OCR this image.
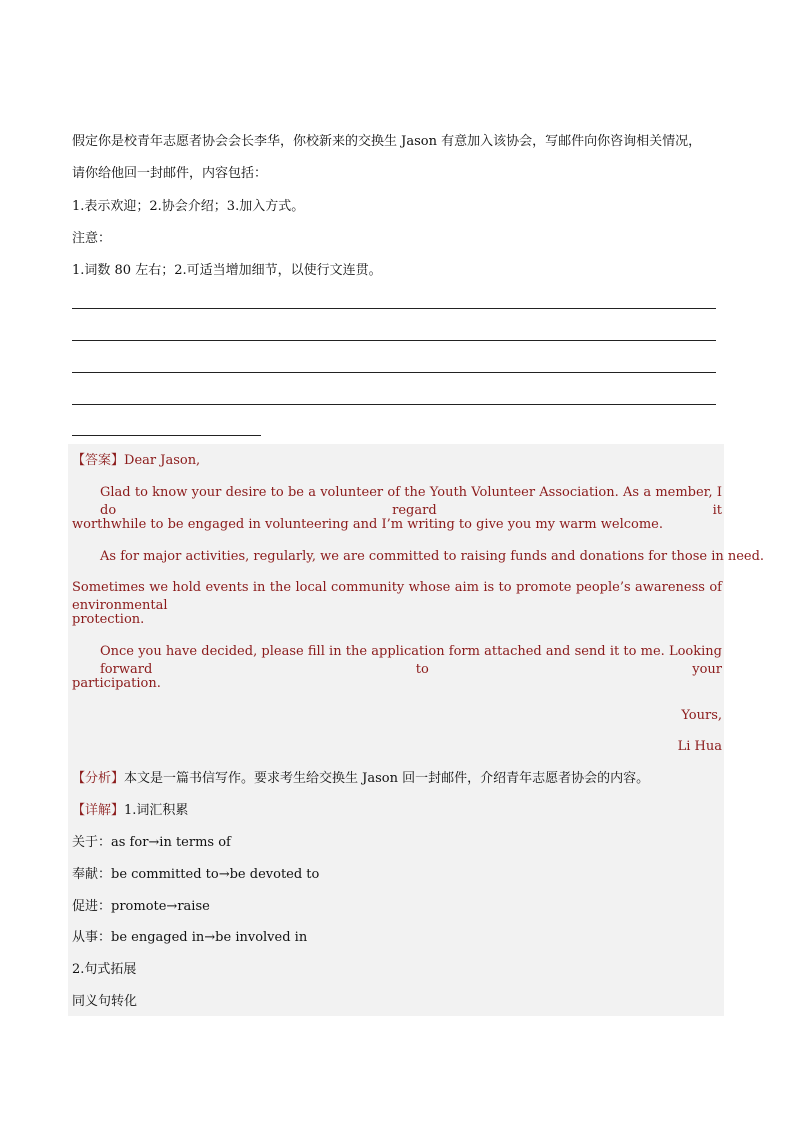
假定你是校青年志愿者协会会长李华，你校新来的交换生 Jason 有意加入该协会，写邮件向你咨询相关情况，
请你给他回一封邮件，内容包括：
1.表示欢迎；2.协会介绍；3.加入方式。
注意：
1.词数 80 左右；2.可适当增加细节，以使行文连贯。
【答案】Dear Jason,
Glad to know your desire to be a volunteer of the Youth Volunteer Association. As a member, I do regard it
worthwhile to be engaged in volunteering and I’m writing to give you my warm welcome.
As for major activities, regularly, we are committed to raising funds and donations for those in need.
Sometimes we hold events in the local community whose aim is to promote people’s awareness of environmental
protection.
Once you have decided, please fill in the application form attached and send it to me. Looking forward to your
participation.
Yours,
Li Hua
【分析】本文是一篇书信写作。要求考生给交换生 Jason 回一封邮件，介绍青年志愿者协会的内容。
【详解】1.词汇积累
关于：as for→in terms of
奉献：be committed to→be devoted to
促进：promote→raise
从事：be engaged in→be involved in
2.句式拓展
同义句转化
